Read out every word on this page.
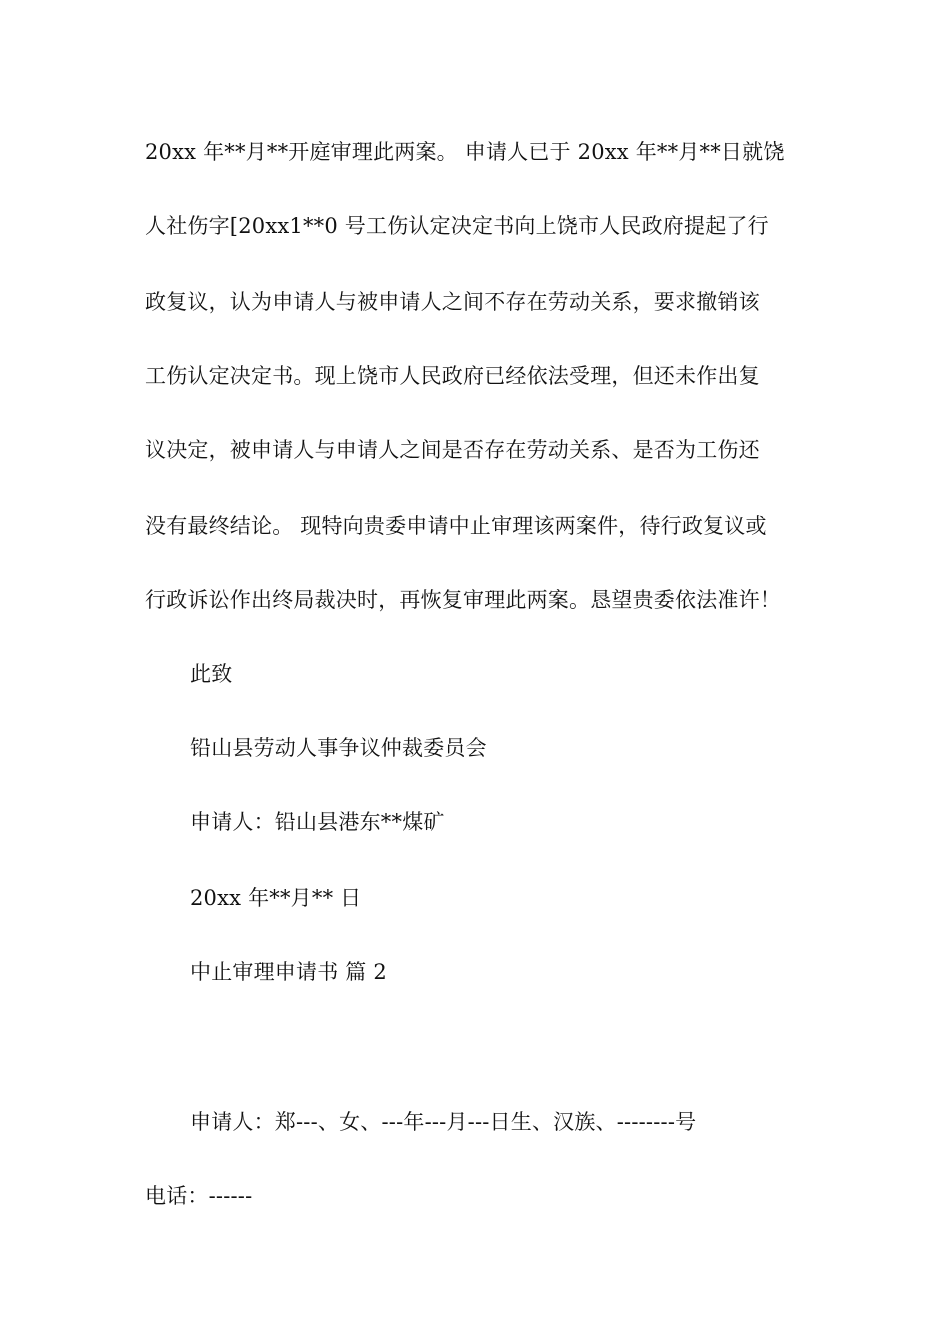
20xx 年**月**开庭审理此两案。 申请人已于 20xx 年**月**日就饶
人社伤字[20xx1**0 号工伤认定决定书向上饶市人民政府提起了行
政复议，认为申请人与被申请人之间不存在劳动关系，要求撤销该
工伤认定决定书。现上饶市人民政府已经依法受理，但还未作出复
议决定，被申请人与申请人之间是否存在劳动关系、是否为工伤还
没有最终结论。 现特向贵委申请中止审理该两案件，待行政复议或
行政诉讼作出终局裁决时，再恢复审理此两案。恳望贵委依法准许！
此致
铅山县劳动人事争议仲裁委员会
申请人：铅山县港东**煤矿
20xx 年**月** 日
中止审理申请书 篇 2
申请人：郑---、女、---年---月---日生、汉族、--------号
电话：------
